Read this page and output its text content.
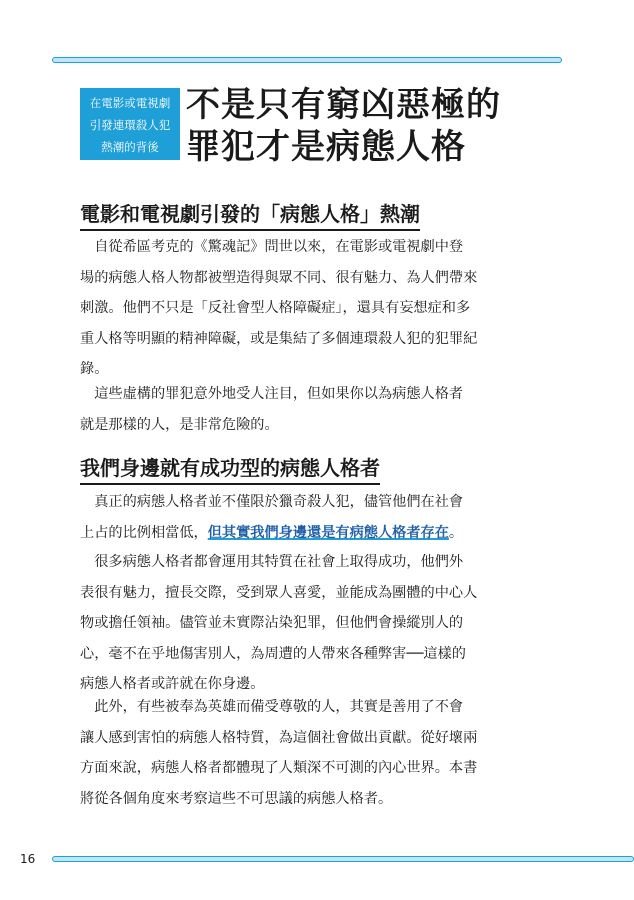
在電影或電視劇
引發連環殺人犯
熱潮的背後
不是只有窮凶惡極的
罪犯才是病態人格
電影和電視劇引發的「病態人格」熱潮
　自從希區考克的《驚魂記》問世以來，在電影或電視劇中登
場的病態人格人物都被塑造得與眾不同、很有魅力、為人們帶來
刺激。他們不只是「反社會型人格障礙症」，還具有妄想症和多
重人格等明顯的精神障礙，或是集結了多個連環殺人犯的犯罪紀
錄。
　這些虛構的罪犯意外地受人注目，但如果你以為病態人格者
就是那樣的人，是非常危險的。
我們身邊就有成功型的病態人格者
　真正的病態人格者並不僅限於獵奇殺人犯，儘管他們在社會
上占的比例相當低，但其實我們身邊還是有病態人格者存在。
　很多病態人格者都會運用其特質在社會上取得成功，他們外
表很有魅力，擅長交際，受到眾人喜愛，並能成為團體的中心人
物或擔任領袖。儘管並未實際沾染犯罪，但他們會操縱別人的
心，毫不在乎地傷害別人，為周遭的人帶來各種弊害──這樣的
病態人格者或許就在你身邊。
　此外，有些被奉為英雄而備受尊敬的人，其實是善用了不會
讓人感到害怕的病態人格特質，為這個社會做出貢獻。從好壞兩
方面來說，病態人格者都體現了人類深不可測的內心世界。本書
將從各個角度來考察這些不可思議的病態人格者。
16
